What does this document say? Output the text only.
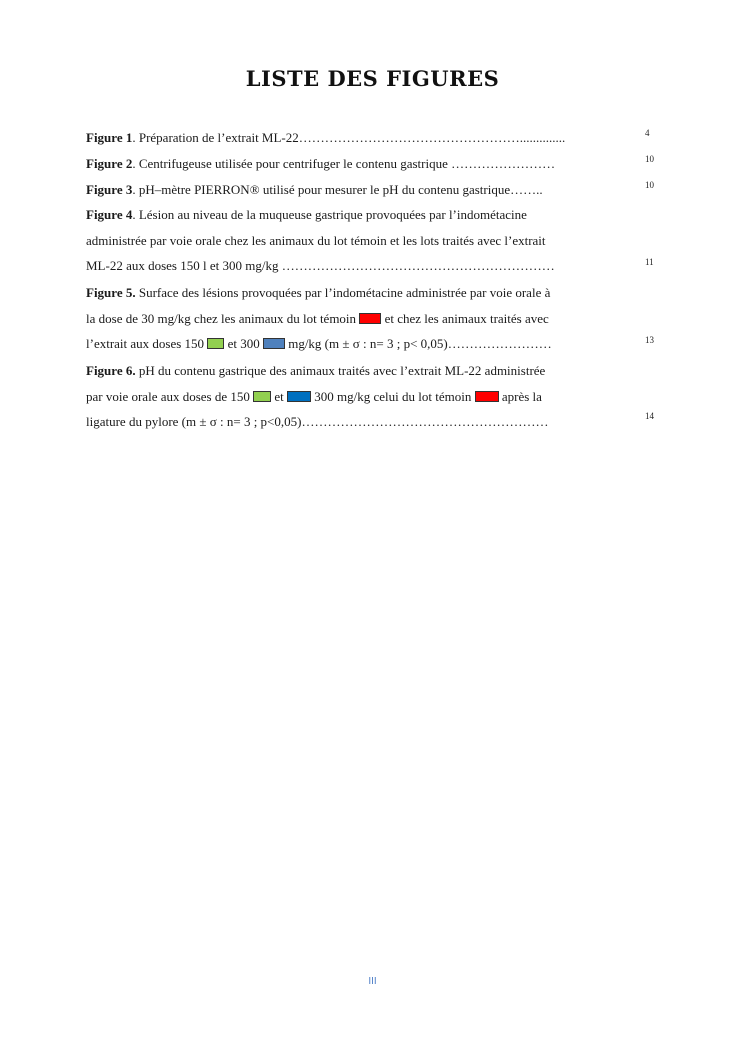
LISTE DES FIGURES
Figure 1. Préparation de l’extrait ML-22……………………………………………..............	4
Figure 2. Centrifugeuse utilisée pour centrifuger le contenu gastrique ……………………	10
Figure 3. pH–mètre PIERRON® utilisé pour mesurer le pH du contenu gastrique……..	10
Figure 4. Lésion au niveau de la muqueuse gastrique provoquées par l’indométacine
administrée par voie orale chez les animaux du lot témoin et les lots traités avec l’extrait
ML-22 aux doses 150 l et 300 mg/kg ………………………………………………………	11
Figure 5. Surface des lésions provoquées par l’indométacine administrée par voie orale à
la dose de 30 mg/kg chez les animaux du lot témoin  et chez les animaux traités avec
l’extrait aux doses 150  et 300  mg/kg (m ± σ : n= 3 ; p< 0,05)……………………	13
Figure 6. pH du contenu gastrique des animaux traités avec l’extrait ML-22 administrée
par voie orale aux doses de 150  et  300 mg/kg celui du lot témoin  après la
ligature du pylore (m ± σ : n= 3 ; p<0,05)…………………………………………………	14
III
